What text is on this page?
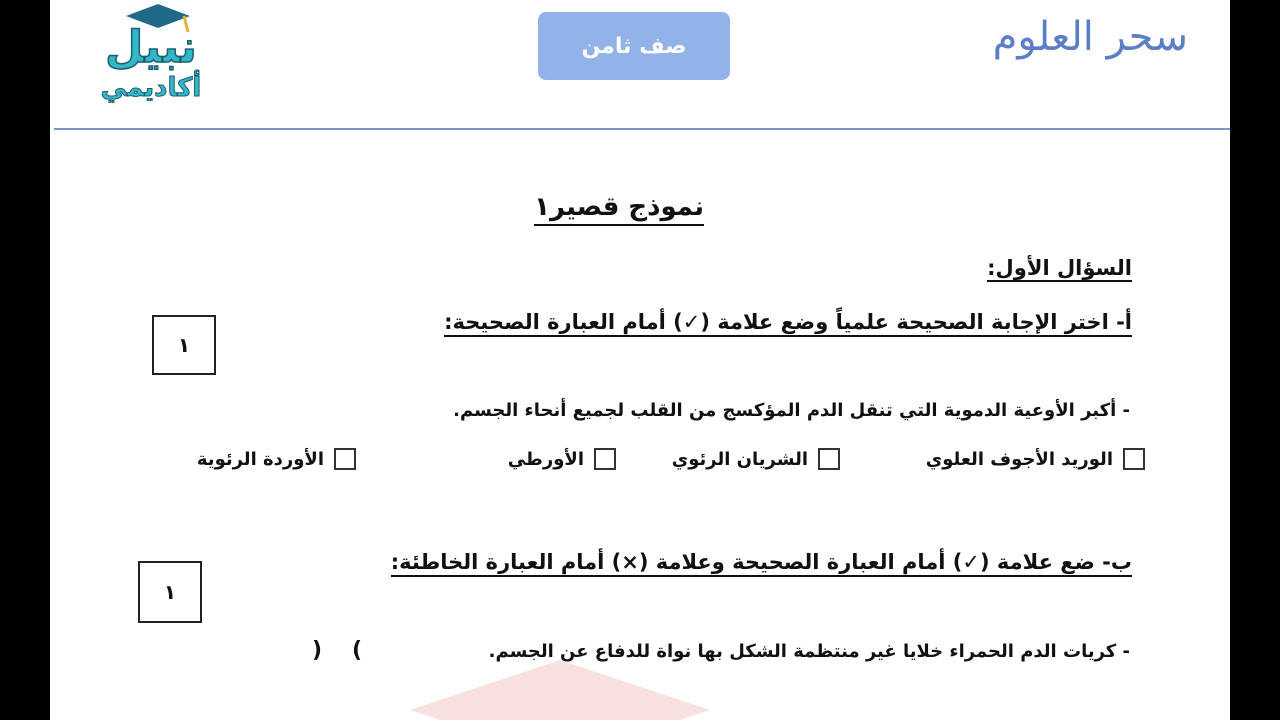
نبيل
أكاديمي
صف ثامن	سحر العلوم
نموذج قصير١
السؤال الأول:
أ- اختر الإجابة الصحيحة علمياً وضع علامة (✓) أمام العبارة الصحيحة:
١
- أكبر الأوعية الدموية التي تنقل الدم المؤكسج من القلب لجميع أنحاء الجسم.
الوريد الأجوف العلوي
الشريان الرئوي
الأورطي
الأوردة الرئوية
ب- ضع علامة (✓) أمام العبارة الصحيحة وعلامة (×) أمام العبارة الخاطئة:
١
- كريات الدم الحمراء خلايا غير منتظمة الشكل بها نواة للدفاع عن الجسم.
) (
